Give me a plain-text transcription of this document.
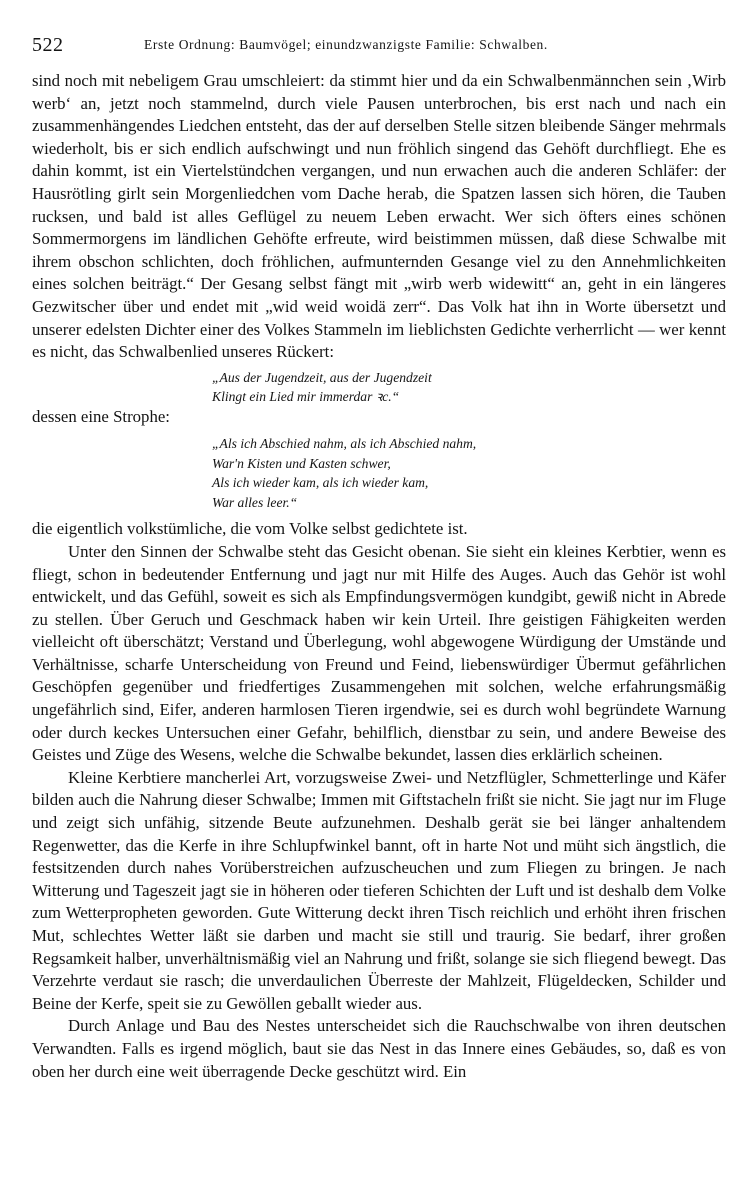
522	Erste Ordnung: Baumvögel; einundzwanzigste Familie: Schwalben.

sind noch mit nebeligem Grau umschleiert: da stimmt hier und da ein Schwalbenmännchen sein ‚Wirb werb‘ an, jetzt noch stammelnd, durch viele Pausen unterbrochen, bis erst nach und nach ein zusammenhängendes Liedchen entsteht, das der auf derselben Stelle sitzen bleibende Sänger mehrmals wiederholt, bis er sich endlich aufschwingt und nun fröhlich singend das Gehöft durchfliegt. Ehe es dahin kommt, ist ein Viertelstündchen vergangen, und nun erwachen auch die anderen Schläfer: der Hausrötling girlt sein Morgenliedchen vom Dache herab, die Spatzen lassen sich hören, die Tauben rucksen, und bald ist alles Geflügel zu neuem Leben erwacht. Wer sich öfters eines schönen Sommermorgens im ländlichen Gehöfte erfreute, wird beistimmen müssen, daß diese Schwalbe mit ihrem obschon schlichten, doch fröhlichen, aufmunternden Gesange viel zu den Annehmlichkeiten eines solchen beiträgt.“ Der Gesang selbst fängt mit „wirb werb widewitt“ an, geht in ein längeres Gezwitscher über und endet mit „wid weid woidä zerr“. Das Volk hat ihn in Worte übersetzt und unserer edelsten Dichter einer des Volkes Stammeln im lieblichsten Gedichte verherrlicht — wer kennt es nicht, das Schwalbenlied unseres Rückert:

„Aus der Jugendzeit, aus der Jugendzeit
Klingt ein Lied mir immerdar ꝛc.“

dessen eine Strophe:

„Als ich Abschied nahm, als ich Abschied nahm,
War'n Kisten und Kasten schwer,
Als ich wieder kam, als ich wieder kam,
War alles leer.“

die eigentlich volkstümliche, die vom Volke selbst gedichtete ist.

Unter den Sinnen der Schwalbe steht das Gesicht obenan. Sie sieht ein kleines Kerbtier, wenn es fliegt, schon in bedeutender Entfernung und jagt nur mit Hilfe des Auges. Auch das Gehör ist wohl entwickelt, und das Gefühl, soweit es sich als Empfindungsvermögen kundgibt, gewiß nicht in Abrede zu stellen. Über Geruch und Geschmack haben wir kein Urteil. Ihre geistigen Fähigkeiten werden vielleicht oft überschätzt; Verstand und Überlegung, wohl abgewogene Würdigung der Umstände und Verhältnisse, scharfe Unterscheidung von Freund und Feind, liebenswürdiger Übermut gefährlichen Geschöpfen gegenüber und friedfertiges Zusammengehen mit solchen, welche erfahrungsmäßig ungefährlich sind, Eifer, anderen harmlosen Tieren irgendwie, sei es durch wohl begründete Warnung oder durch keckes Untersuchen einer Gefahr, behilflich, dienstbar zu sein, und andere Beweise des Geistes und Züge des Wesens, welche die Schwalbe bekundet, lassen dies erklärlich scheinen.

Kleine Kerbtiere mancherlei Art, vorzugsweise Zwei- und Netzflügler, Schmetterlinge und Käfer bilden auch die Nahrung dieser Schwalbe; Immen mit Giftstacheln frißt sie nicht. Sie jagt nur im Fluge und zeigt sich unfähig, sitzende Beute aufzunehmen. Deshalb gerät sie bei länger anhaltendem Regenwetter, das die Kerfe in ihre Schlupfwinkel bannt, oft in harte Not und müht sich ängstlich, die festsitzenden durch nahes Vorüberstreichen aufzuscheuchen und zum Fliegen zu bringen. Je nach Witterung und Tageszeit jagt sie in höheren oder tieferen Schichten der Luft und ist deshalb dem Volke zum Wetterpropheten geworden. Gute Witterung deckt ihren Tisch reichlich und erhöht ihren frischen Mut, schlechtes Wetter läßt sie darben und macht sie still und traurig. Sie bedarf, ihrer großen Regsamkeit halber, unverhältnismäßig viel an Nahrung und frißt, solange sie sich fliegend bewegt. Das Verzehrte verdaut sie rasch; die unverdaulichen Überreste der Mahlzeit, Flügeldecken, Schilder und Beine der Kerfe, speit sie zu Gewöllen geballt wieder aus.

Durch Anlage und Bau des Nestes unterscheidet sich die Rauchschwalbe von ihren deutschen Verwandten. Falls es irgend möglich, baut sie das Nest in das Innere eines Gebäudes, so, daß es von oben her durch eine weit überragende Decke geschützt wird. Ein
